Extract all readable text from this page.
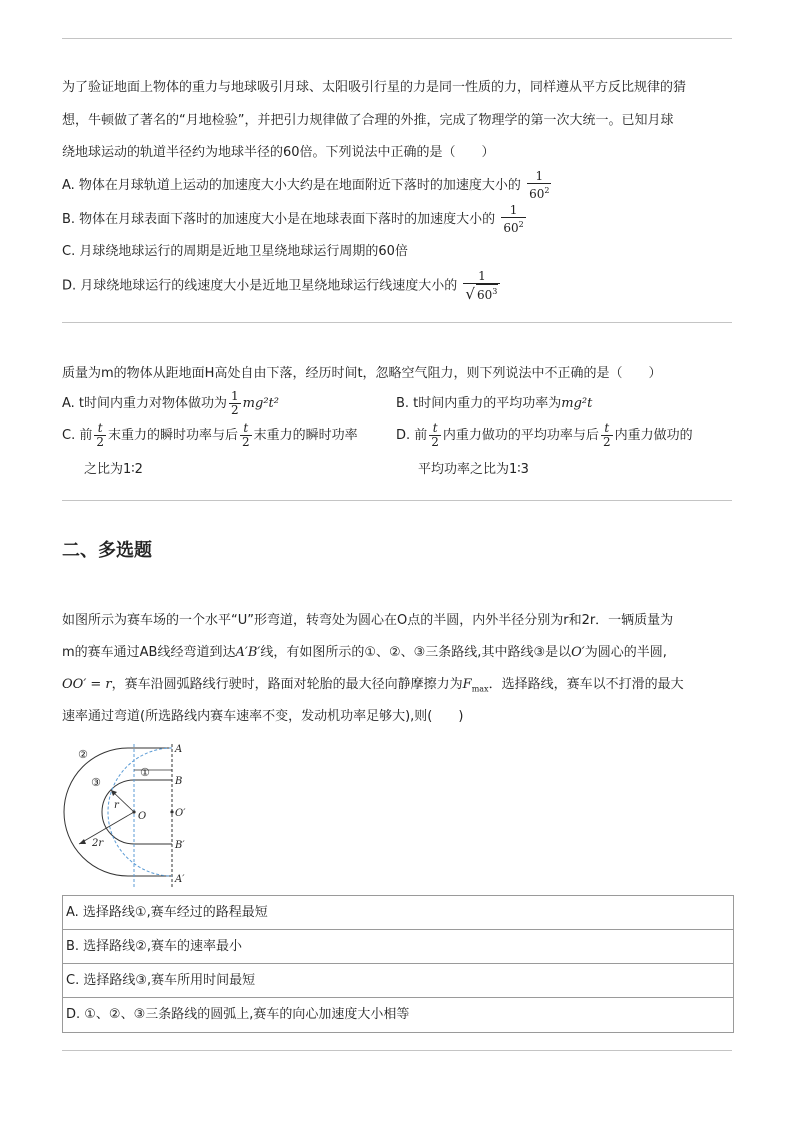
为了验证地面上物体的重力与地球吸引月球、太阳吸引行星的力是同一性质的力，同样遵从平方反比规律的猜
想，牛顿做了著名的“月地检验”，并把引力规律做了合理的外推，完成了物理学的第一次大统一。已知月球
绕地球运动的轨道半径约为地球半径的60倍。下列说法中正确的是（　　）
A. 物体在月球轨道上运动的加速度大小大约是在地面附近下落时的加速度大小的 $\frac{1}{60^2}$
B. 物体在月球表面下落时的加速度大小是在地球表面下落时的加速度大小的 $\frac{1}{60^2}$
C. 月球绕地球运行的周期是近地卫星绕地球运行周期的60倍
D. 月球绕地球运行的线速度大小是近地卫星绕地球运行线速度大小的 $\frac{1}{√ 60^3}$
质量为m的物体从距地面H高处自由下落，经历时间t，忽略空气阻力，则下列说法中不正确的是（　　）
A. t时间内重力对物体做功为 $\frac{1}{2} mg^2t^2$	B. t时间内重力的平均功率为mg²t
C. 前 $\frac{t}{2}$ 末重力的瞬时功率与后 $\frac{t}{2}$ 末重力的瞬时功率
之比为1∶2
D. 前 $\frac{t}{2}$ 内重力做功的平均功率与后 $\frac{t}{2}$ 内重力做功的
平均功率之比为1∶3
二、多选题
如图所示为赛车场的一个水平“U”形弯道，转弯处为圆心在O点的半圆，内外半径分别为r和2r．一辆质量为
m的赛车通过AB线经弯道到达A′B′线，有如图所示的①、②、③三条路线,其中路线③是以O′为圆心的半圆,
OO′ = r，赛车沿圆弧路线行驶时，路面对轮胎的最大径向静摩擦力为$F_{max}$．选择路线，赛车以不打滑的最大
速率通过弯道(所选路线内赛车速率不变，发动机功率足够大),则(　　)
A
B
O′
O
B′
A′
r
2r
①
②
③
A. 选择路线①,赛车经过的路程最短
B. 选择路线②,赛车的速率最小
C. 选择路线③,赛车所用时间最短
D. ①、②、③三条路线的圆弧上,赛车的向心加速度大小相等
